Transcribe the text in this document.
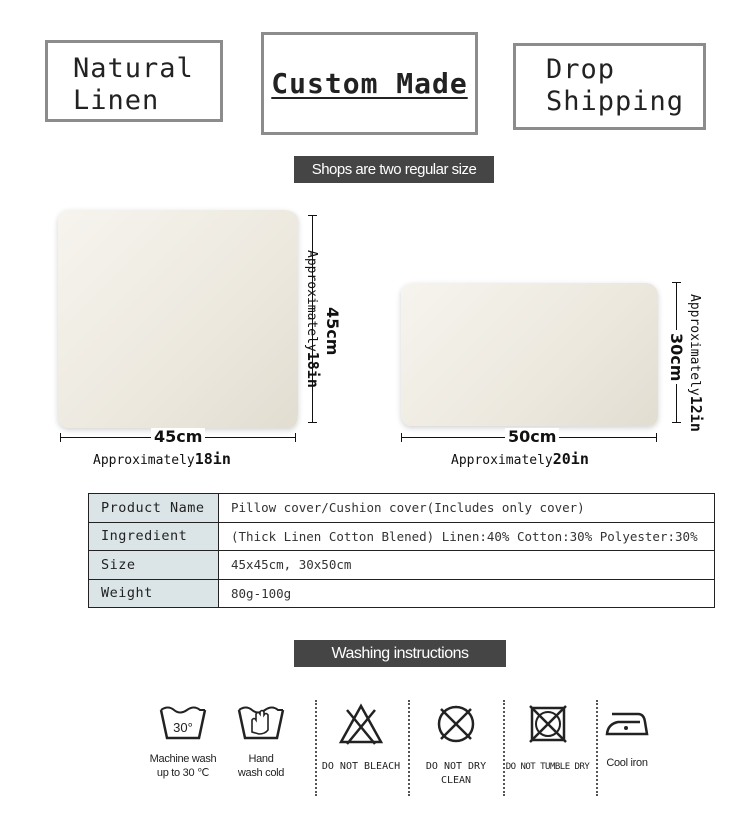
Natural
Linen
Custom Made	Drop
Shipping
Shops are two regular size
45cm
Approximately18in
Approximately18in
45cm
50cm
Approximately20in
30cm Approximately12in
Product Name	Pillow cover/Cushion cover(Includes only cover)
Ingredient	(Thick Linen Cotton Blened) Linen:40% Cotton:30% Polyester:30%
Size	45x45cm, 30x50cm
Weight	80g-100g
Washing instructions
30°
Machine wash
up to 30 ℃
Hand
wash cold
DO NOT BLEACH	DO NOT DRY CLEAN
DO NOT TUMBLE DRY Cool iron
